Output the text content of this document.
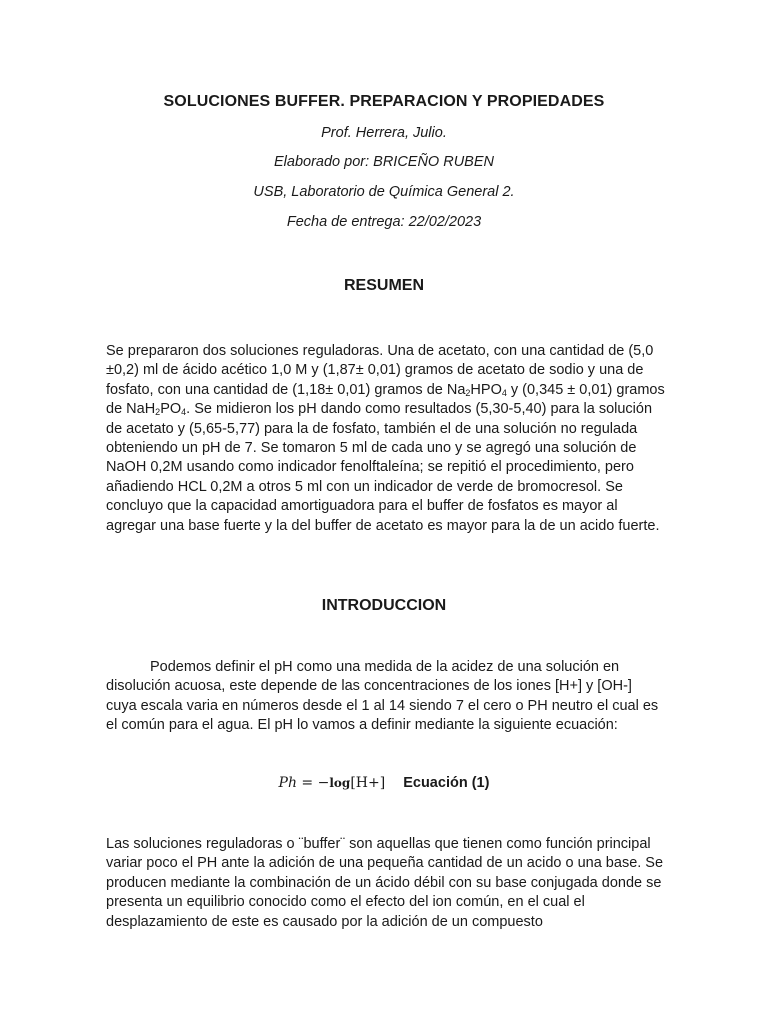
SOLUCIONES BUFFER. PREPARACION Y PROPIEDADES
Prof. Herrera, Julio.
Elaborado por: BRICEÑO RUBEN
USB, Laboratorio de Química General 2.
Fecha de entrega: 22/02/2023
RESUMEN

Se prepararon dos soluciones reguladoras. Una de acetato, con una cantidad de (5,0 ±0,2) ml de ácido acético 1,0 M y (1,87± 0,01) gramos de acetato de sodio y una de fosfato, con una cantidad de (1,18± 0,01) gramos de $Na_2HPO_4$ y (0,345 ± 0,01) gramos de $NaH_2PO_4$. Se midieron los pH dando como resultados (5,30-5,40) para la solución de acetato y (5,65-5,77) para la de fosfato, también el de una solución no regulada obteniendo un pH de 7. Se tomaron 5 ml de cada uno y se agregó una solución de NaOH 0,2M usando como indicador fenolftaleína; se repitió el procedimiento, pero añadiendo HCL 0,2M a otros 5 ml con un indicador de verde de bromocresol. Se concluyo que la capacidad amortiguadora para el buffer de fosfatos es mayor al agregar una base fuerte y la del buffer de acetato es mayor para la de un acido fuerte.

INTRODUCCION

Podemos definir el pH como una medida de la acidez de una solución en disolución acuosa, este depende de las concentraciones de los iones [H+] y [OH-] cuya escala varia en números desde el 1 al 14 siendo 7 el cero o PH neutro el cual es el común para el agua. El pH lo vamos a definir mediante la siguiente ecuación:

Ph = −log[H+] Ecuación (1)

Las soluciones reguladoras o ¨buffer¨ son aquellas que tienen como función principal variar poco el PH ante la adición de una pequeña cantidad de un acido o una base. Se producen mediante la combinación de un ácido débil con su base conjugada donde se presenta un equilibrio conocido como el efecto del ion común, en el cual el desplazamiento de este es causado por la adición de un compuesto
